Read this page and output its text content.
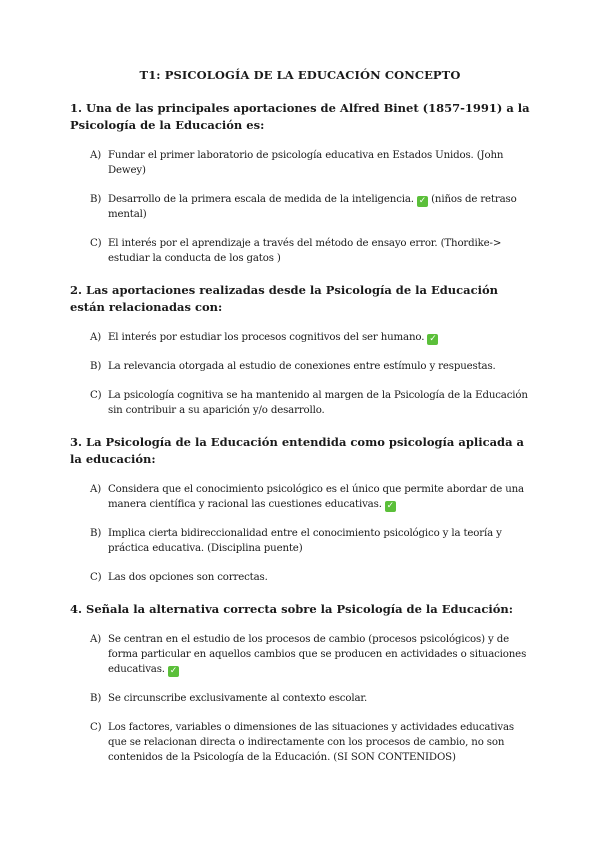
T1: PSICOLOGÍA DE LA EDUCACIÓN CONCEPTO
1. Una de las principales aportaciones de Alfred Binet (1857-1991) a la Psicología de la Educación es:
A) Fundar el primer laboratorio de psicología educativa en Estados Unidos. (John Dewey)
B) Desarrollo de la primera escala de medida de la inteligencia. ✓ (niños de retraso mental)
C) El interés por el aprendizaje a través del método de ensayo error. (Thordike-> estudiar la conducta de los gatos )
2. Las aportaciones realizadas desde la Psicología de la Educación están relacionadas con:
A) El interés por estudiar los procesos cognitivos del ser humano. ✓
B) La relevancia otorgada al estudio de conexiones entre estímulo y respuestas.
C) La psicología cognitiva se ha mantenido al margen de la Psicología de la Educación sin contribuir a su aparición y/o desarrollo.
3. La Psicología de la Educación entendida como psicología aplicada a la educación:
A) Considera que el conocimiento psicológico es el único que permite abordar de una manera científica y racional las cuestiones educativas. ✓
B) Implica cierta bidireccionalidad entre el conocimiento psicológico y la teoría y práctica educativa. (Disciplina puente)
C) Las dos opciones son correctas.
4. Señala la alternativa correcta sobre la Psicología de la Educación:
A) Se centran en el estudio de los procesos de cambio (procesos psicológicos) y de forma particular en aquellos cambios que se producen en actividades o situaciones educativas. ✓
B) Se circunscribe exclusivamente al contexto escolar.
C) Los factores, variables o dimensiones de las situaciones y actividades educativas que se relacionan directa o indirectamente con los procesos de cambio, no son contenidos de la Psicología de la Educación. (SI SON CONTENIDOS)
